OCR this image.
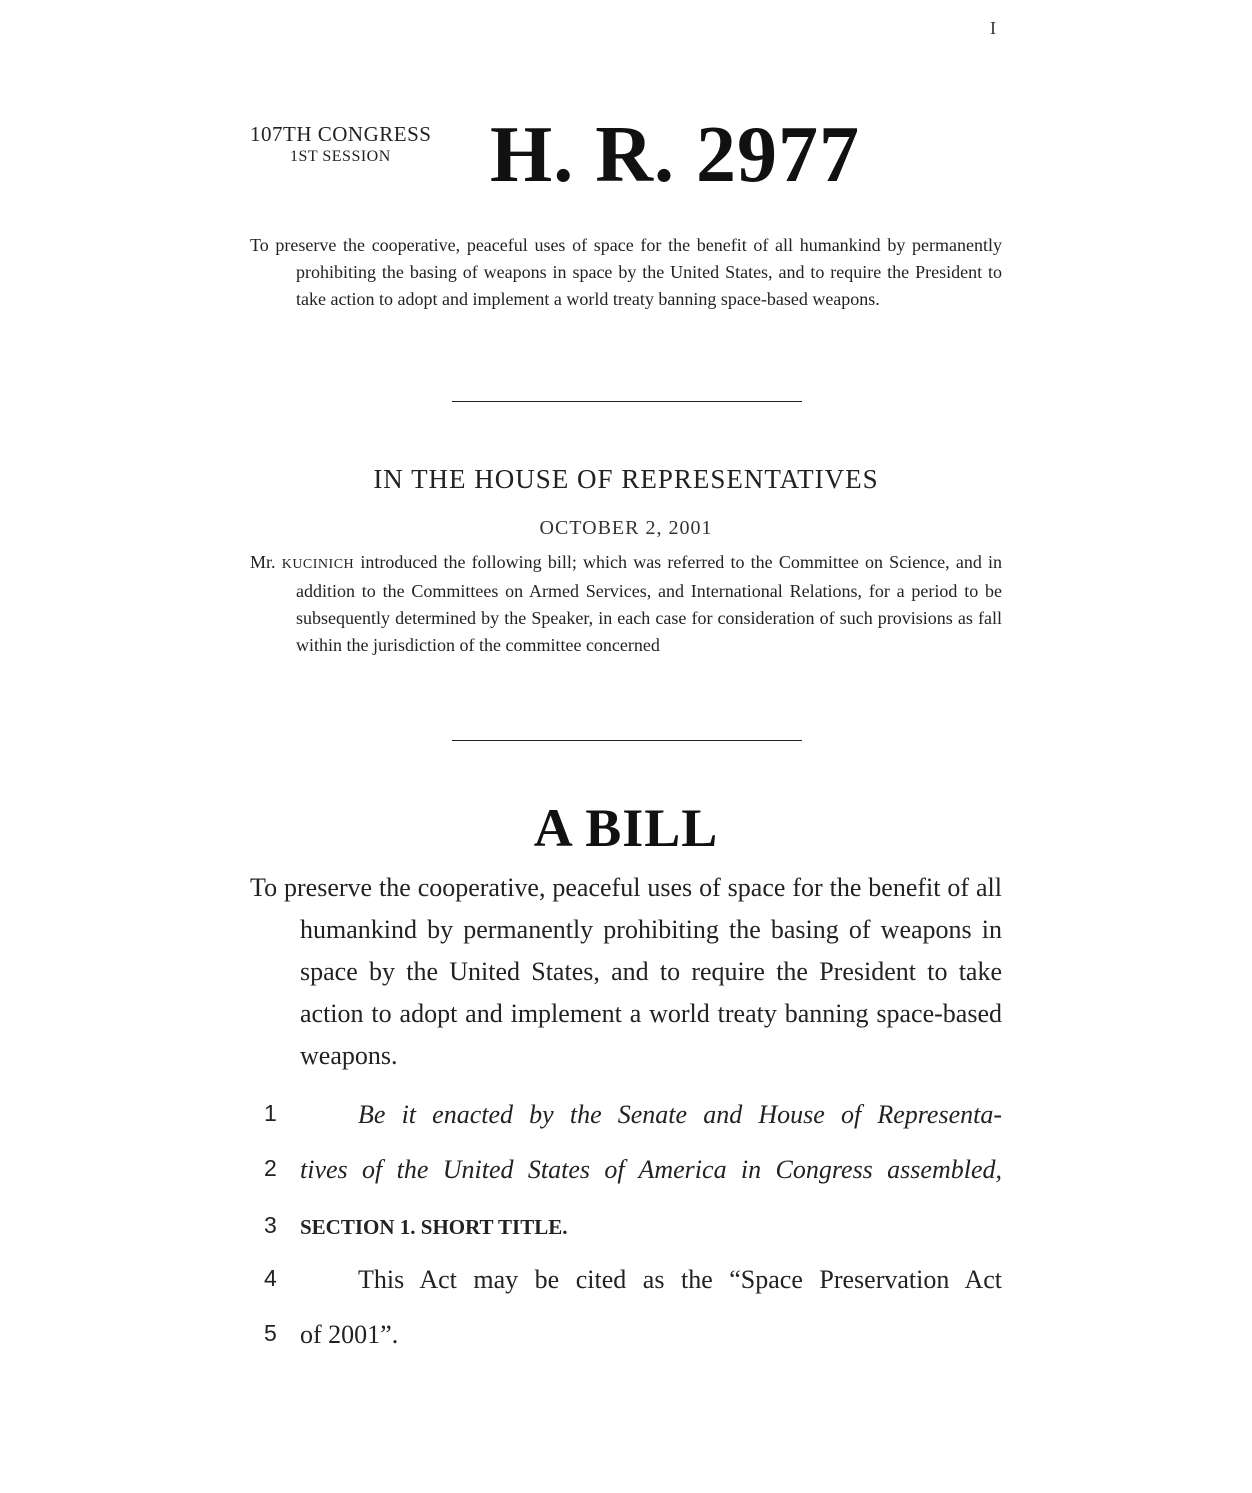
I
107TH CONGRESS
1ST SESSION H. R. 2977

To preserve the cooperative, peaceful uses of space for the benefit of all humankind by permanently prohibiting the basing of weapons in space by the United States, and to require the President to take action to adopt and implement a world treaty banning space-based weapons.

IN THE HOUSE OF REPRESENTATIVES
OCTOBER 2, 2001

Mr. KUCINICH introduced the following bill; which was referred to the Committee on Science, and in addition to the Committees on Armed Services, and International Relations, for a period to be subsequently determined by the Speaker, in each case for consideration of such provisions as fall within the jurisdiction of the committee concerned

A BILL

To preserve the cooperative, peaceful uses of space for the benefit of all humankind by permanently prohibiting the basing of weapons in space by the United States, and to require the President to take action to adopt and implement a world treaty banning space-based weapons.

1	Be it enacted by the Senate and House of Representa-
2 tives of the United States of America in Congress assembled,
3 SECTION 1. SHORT TITLE.
4	This Act may be cited as the “Space Preservation Act
5 of 2001”.
